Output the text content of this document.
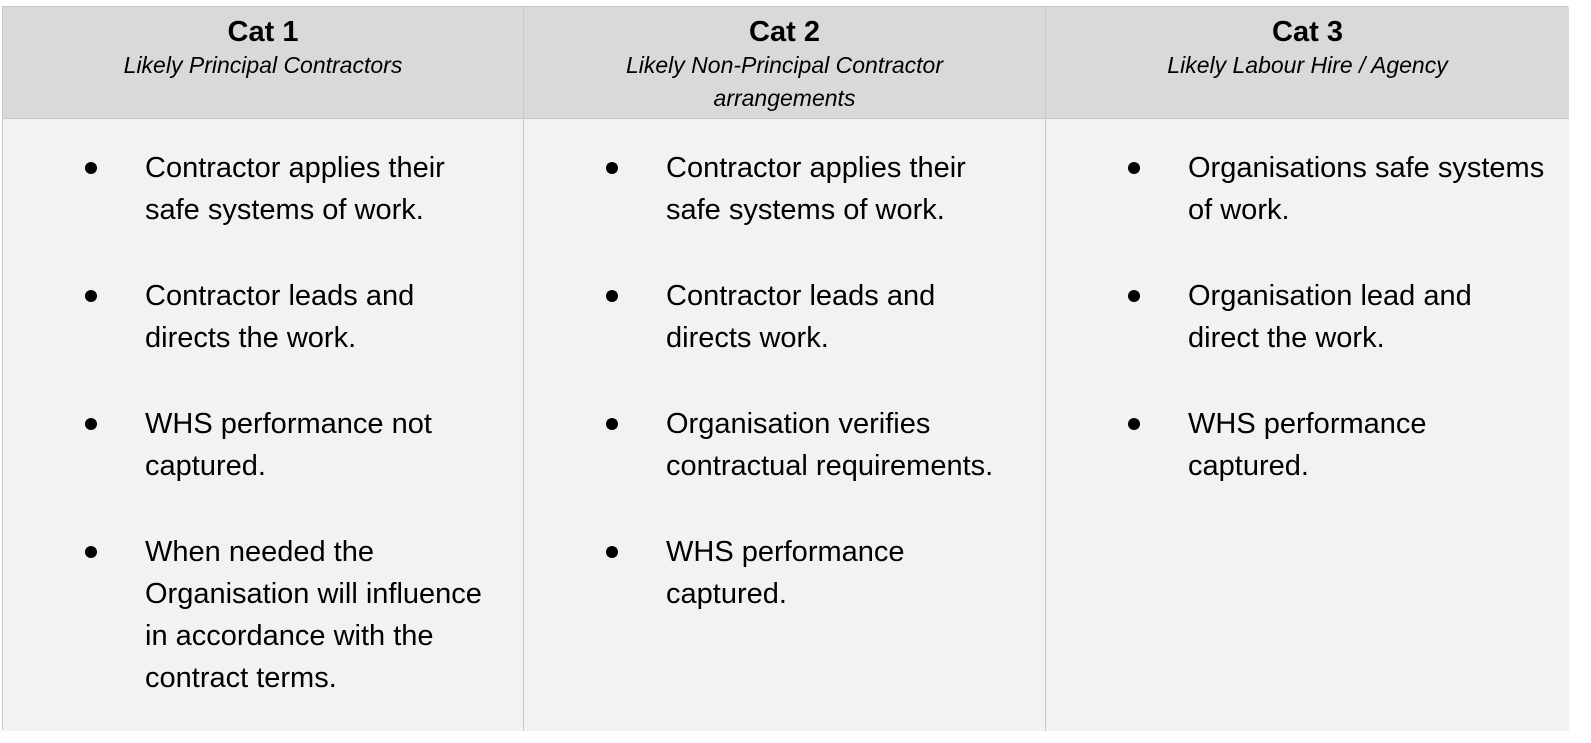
Cat 1
Likely Principal Contractors
Cat 2
Likely Non-Principal Contractor arrangements
Cat 3
Likely Labour Hire / Agency
Contractor applies their safe systems of work.
Contractor leads and directs the work.
WHS performance not captured.
When needed the Organisation will influence in accordance with the contract terms.
Contractor applies their safe systems of work.
Contractor leads and directs work.
Organisation verifies contractual requirements.
WHS performance captured.
Organisations safe systems of work.
Organisation lead and direct the work.
WHS performance captured.
